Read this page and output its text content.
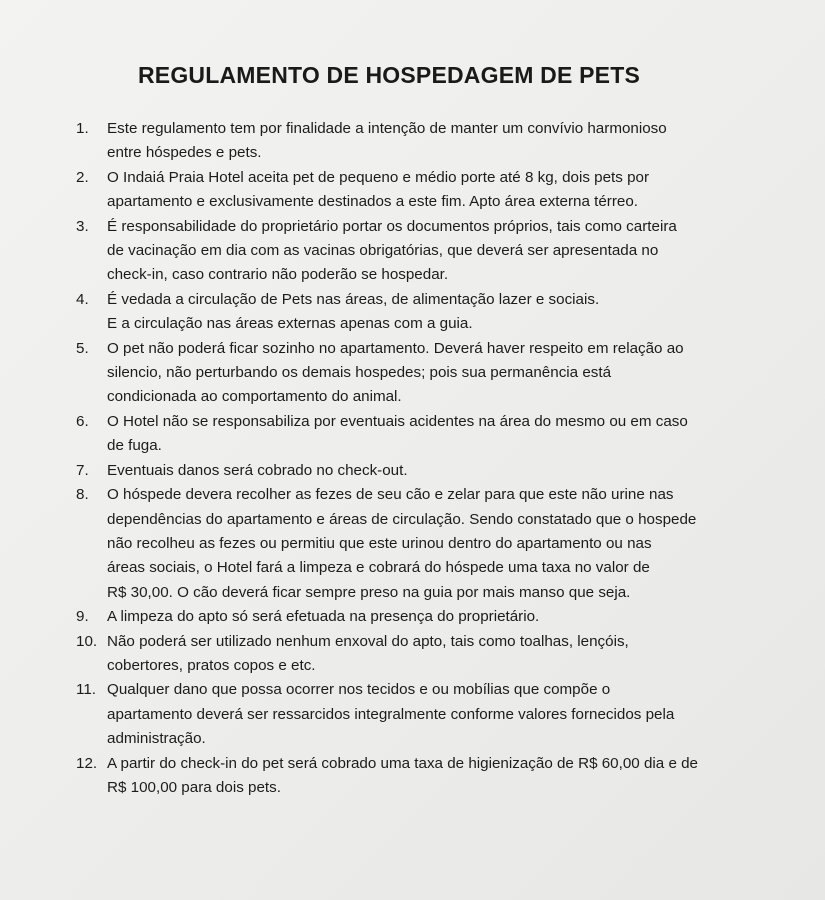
REGULAMENTO DE HOSPEDAGEM DE PETS
1.	Este regulamento tem por finalidade a intenção de manter um convívio harmonioso
entre hóspedes e pets.
2.	O Indaiá Praia Hotel aceita pet de pequeno e médio porte até 8 kg, dois pets por
apartamento e exclusivamente destinados a este fim. Apto área externa térreo.
3.	É responsabilidade do proprietário portar os documentos próprios, tais como carteira
de vacinação em dia com as vacinas obrigatórias, que deverá ser apresentada no
check-in, caso contrario não poderão se hospedar.
4.	É vedada a circulação de Pets nas áreas, de alimentação lazer e sociais.
E a circulação nas áreas externas apenas com a guia.
5.	O pet não poderá ficar sozinho no apartamento. Deverá haver respeito em relação ao
silencio, não perturbando os demais hospedes; pois sua permanência está
condicionada ao comportamento do animal.
6.	O Hotel não se responsabiliza por eventuais acidentes na área do mesmo ou em caso
de fuga.
7.	Eventuais danos será cobrado no check-out.
8.	O hóspede devera recolher as fezes de seu cão e zelar para que este não urine nas
dependências do apartamento e áreas de circulação. Sendo constatado que o hospede
não recolheu as fezes ou permitiu que este urinou dentro do apartamento ou nas
áreas sociais, o Hotel fará a limpeza e cobrará do hóspede uma taxa no valor de
R$ 30,00. O cão deverá ficar sempre preso na guia por mais manso que seja.
9.	A limpeza do apto só será efetuada na presença do proprietário.
10. Não poderá ser utilizado nenhum enxoval do apto, tais como toalhas, lençóis,
cobertores, pratos copos e etc.
11. Qualquer dano que possa ocorrer nos tecidos e ou mobílias que compõe o
apartamento deverá ser ressarcidos integralmente conforme valores fornecidos pela
administração.
12. A partir do check-in do pet será cobrado uma taxa de higienização de R$ 60,00 dia e de
R$ 100,00 para dois pets.
